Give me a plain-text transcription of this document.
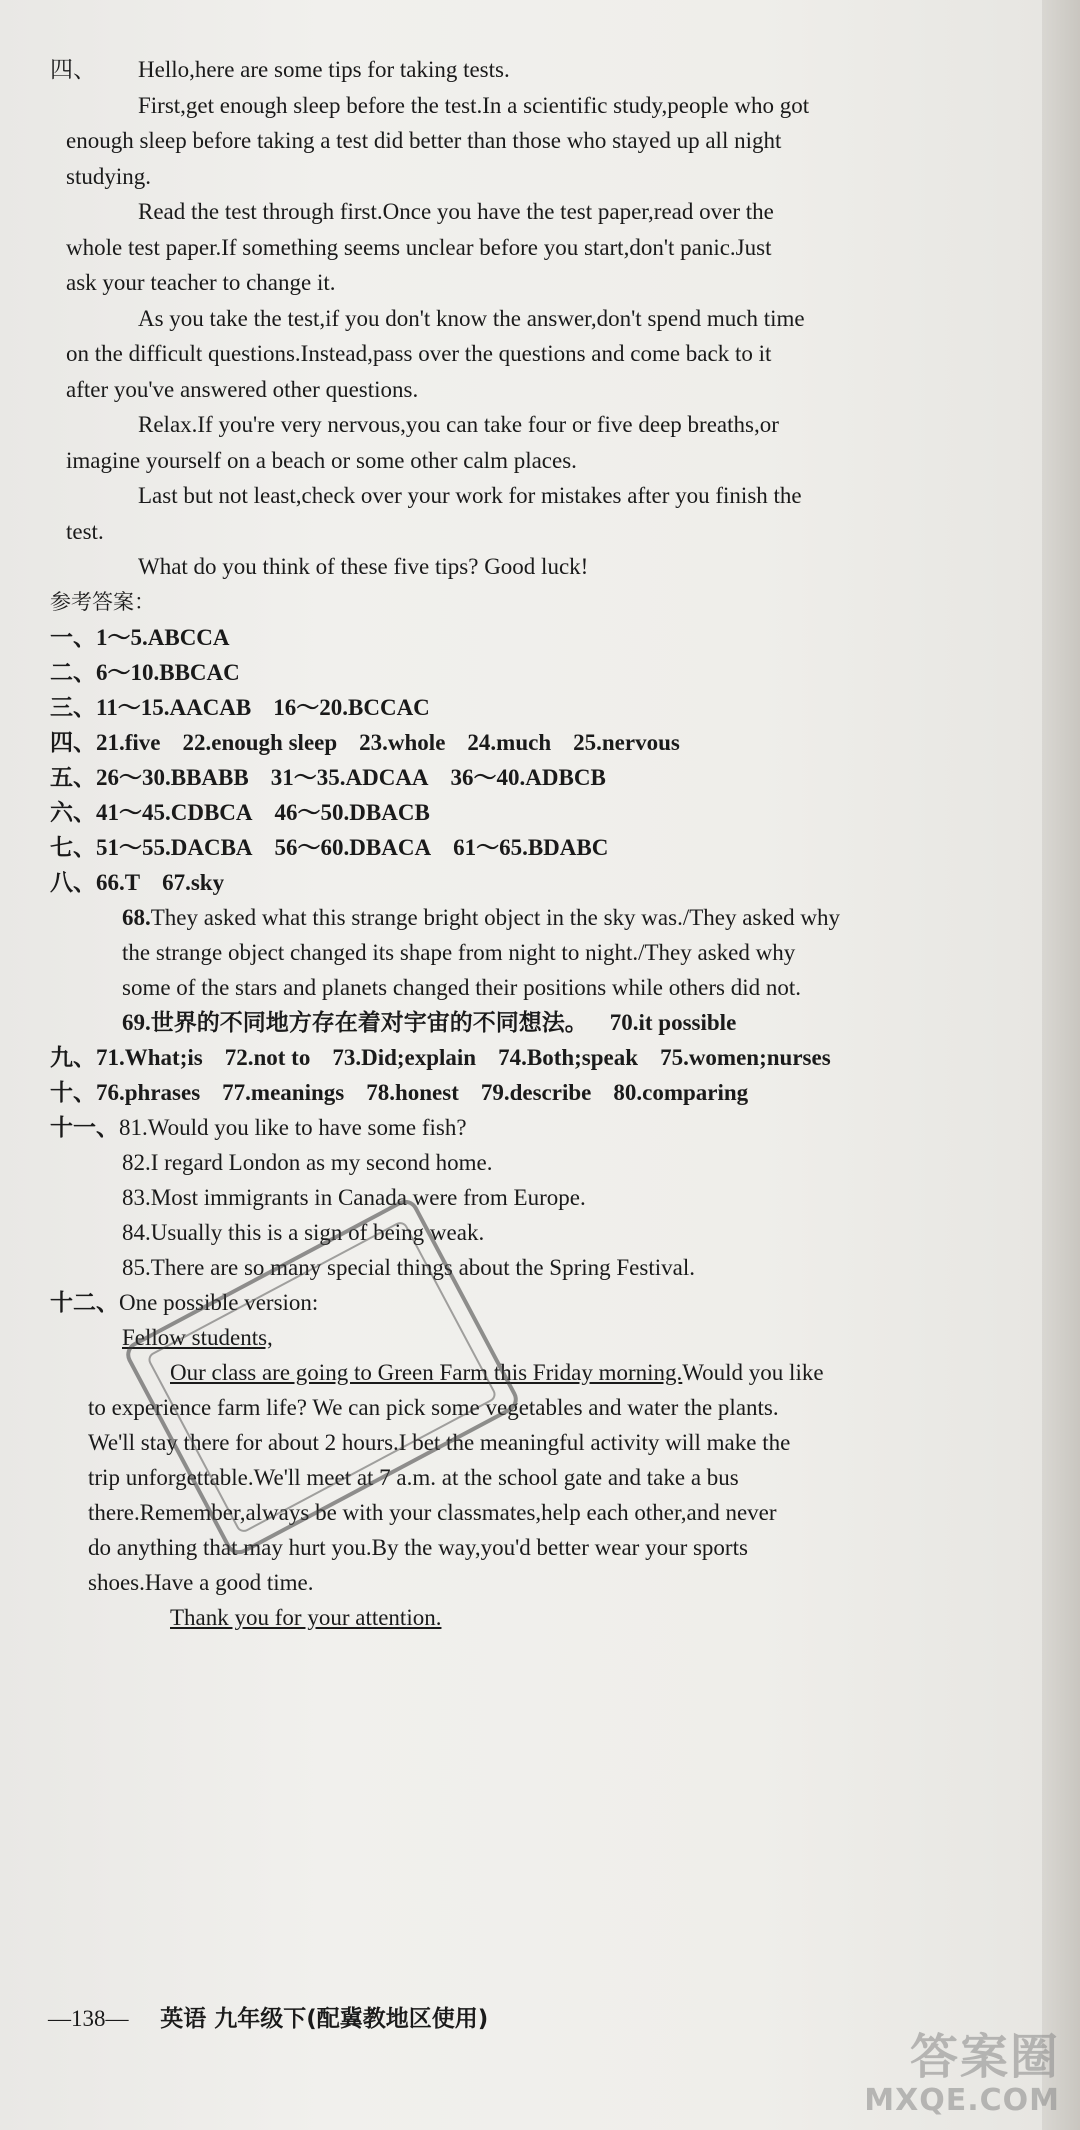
四、 Hello,here are some tips for taking tests.
First,get enough sleep before the test.In a scientific study,people who got
enough sleep before taking a test did better than those who stayed up all night
studying.
Read the test through first.Once you have the test paper,read over the
whole test paper.If something seems unclear before you start,don't panic.Just
ask your teacher to change it.
As you take the test,if you don't know the answer,don't spend much time
on the difficult questions.Instead,pass over the questions and come back to it
after you've answered other questions.
Relax.If you're very nervous,you can take four or five deep breaths,or
imagine yourself on a beach or some other calm places.
Last but not least,check over your work for mistakes after you finish the
test.
What do you think of these five tips? Good luck!
参考答案：
一、1～5.ABCCA
二、6～10.BBCAC
三、11～15.AACAB 16～20.BCCAC
四、21.five 22.enough sleep 23.whole 24.much 25.nervous
五、26～30.BBABB 31～35.ADCAA 36～40.ADBCB
六、41～45.CDBCA 46～50.DBACB
七、51～55.DACBA 56～60.DBACA 61～65.BDABC
八、66.T 67.sky
68.They asked what this strange bright object in the sky was./They asked why
the strange object changed its shape from night to night./They asked why
some of the stars and planets changed their positions while others did not.
69.世界的不同地方存在着对宇宙的不同想法。 70.it possible
九、71.What;is 72.not to 73.Did;explain 74.Both;speak 75.women;nurses
十、76.phrases 77.meanings 78.honest 79.describe 80.comparing
十一、81.Would you like to have some fish?
82.I regard London as my second home.
83.Most immigrants in Canada were from Europe.
84.Usually this is a sign of being weak.
85.There are so many special things about the Spring Festival.
十二、One possible version:
Fellow students,
Our class are going to Green Farm this Friday morning.Would you like
to experience farm life? We can pick some vegetables and water the plants.
We'll stay there for about 2 hours.I bet the meaningful activity will make the
trip unforgettable.We'll meet at 7 a.m. at the school gate and take a bus
there.Remember,always be with your classmates,help each other,and never
do anything that may hurt you.By the way,you'd better wear your sports
shoes.Have a good time.
Thank you for your attention.
—138— 英语 九年级下(配冀教地区使用)
答案圈
MXQE.COM
